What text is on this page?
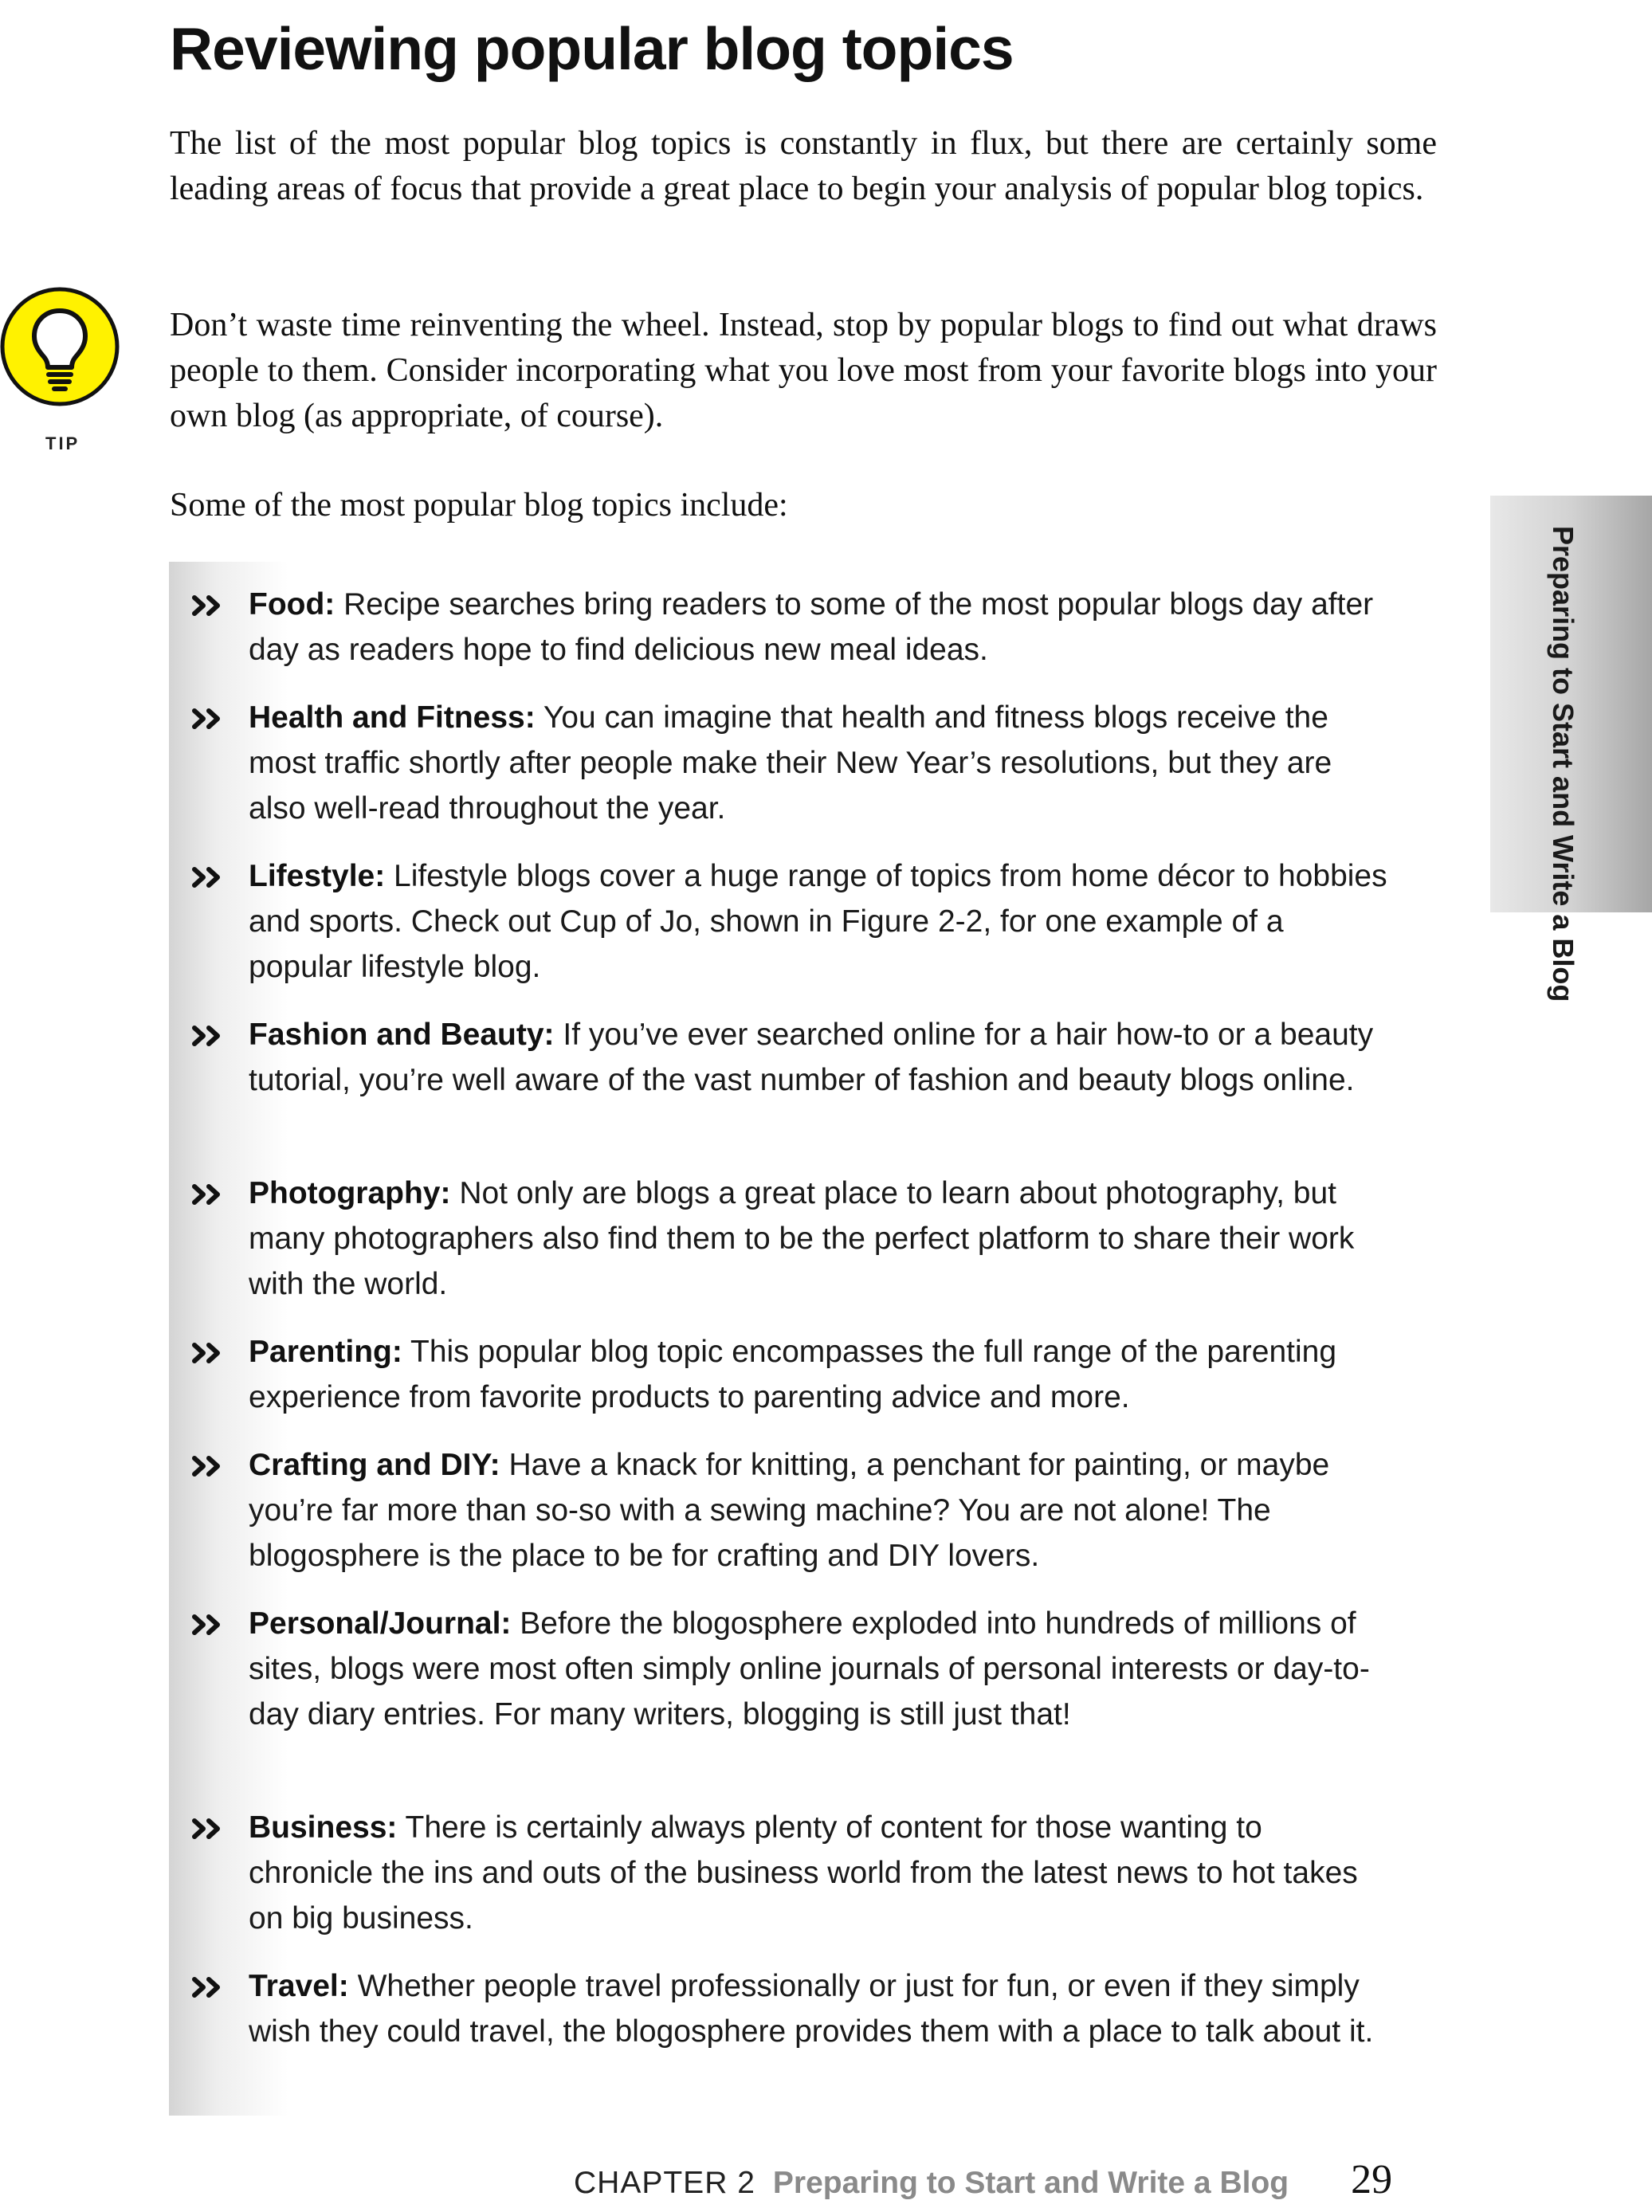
Reviewing popular blog topics

The list of the most popular blog topics is constantly in flux, but there are certainly some leading areas of focus that provide a great place to begin your analysis of popular blog topics.

TIP

Don’t waste time reinventing the wheel. Instead, stop by popular blogs to find out what draws people to them. Consider incorporating what you love most from your favorite blogs into your own blog (as appropriate, of course).

Some of the most popular blog topics include:

Food: Recipe searches bring readers to some of the most popular blogs day after day as readers hope to find delicious new meal ideas.
Health and Fitness: You can imagine that health and fitness blogs receive the most traffic shortly after people make their New Year’s resolutions, but they are also well-read throughout the year.
Lifestyle: Lifestyle blogs cover a huge range of topics from home décor to hobbies and sports. Check out Cup of Jo, shown in Figure 2-2, for one example of a popular lifestyle blog.
Fashion and Beauty: If you’ve ever searched online for a hair how-to or a beauty tutorial, you’re well aware of the vast number of fashion and beauty blogs online.
Photography: Not only are blogs a great place to learn about photography, but many photographers also find them to be the perfect platform to share their work with the world.
Parenting: This popular blog topic encompasses the full range of the parenting experience from favorite products to parenting advice and more.
Crafting and DIY: Have a knack for knitting, a penchant for painting, or maybe you’re far more than so-so with a sewing machine? You are not alone! The blogosphere is the place to be for crafting and DIY lovers.
Personal/Journal: Before the blogosphere exploded into hundreds of millions of sites, blogs were most often simply online journals of personal interests or day-to-day diary entries. For many writers, blogging is still just that!
Business: There is certainly always plenty of content for those wanting to chronicle the ins and outs of the business world from the latest news to hot takes on big business.
Travel: Whether people travel professionally or just for fun, or even if they simply wish they could travel, the blogosphere provides them with a place to talk about it.
Preparing to Start and Write a Blog
CHAPTER 2 Preparing to Start and Write a Blog 29
